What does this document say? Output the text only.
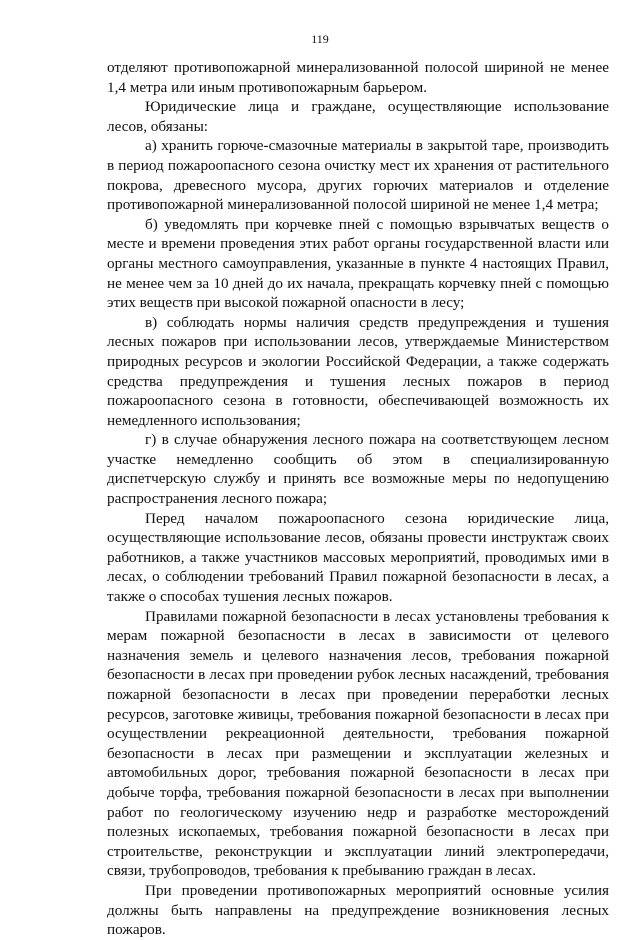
119

отделяют противопожарной минерализованной полосой шириной не менее 1,4 метра или иным противопожарным барьером.

Юридические лица и граждане, осуществляющие использование лесов, обязаны:

а) хранить горюче-смазочные материалы в закрытой таре, производить в период пожароопасного сезона очистку мест их хранения от растительного покрова, древесного мусора, других горючих материалов и отделение противопожарной минерализованной полосой шириной не менее 1,4 метра;

б) уведомлять при корчевке пней с помощью взрывчатых веществ о месте и времени проведения этих работ органы государственной власти или органы местного самоуправления, указанные в пункте 4 настоящих Правил, не менее чем за 10 дней до их начала, прекращать корчевку пней с помощью этих веществ при высокой пожарной опасности в лесу;

в) соблюдать нормы наличия средств предупреждения и тушения лесных пожаров при использовании лесов, утверждаемые Министерством природных ресурсов и экологии Российской Федерации, а также содержать средства предупреждения и тушения лесных пожаров в период пожароопасного сезона в готовности, обеспечивающей возможность их немедленного использования;

г) в случае обнаружения лесного пожара на соответствующем лесном участке немедленно сообщить об этом в специализированную диспетчерскую службу и принять все возможные меры по недопущению распространения лесного пожара;

Перед началом пожароопасного сезона юридические лица, осуществляющие использование лесов, обязаны провести инструктаж своих работников, а также участников массовых мероприятий, проводимых ими в лесах, о соблюдении требований Правил пожарной безопасности в лесах, а также о способах тушения лесных пожаров.

Правилами пожарной безопасности в лесах установлены требования к мерам пожарной безопасности в лесах в зависимости от целевого назначения земель и целевого назначения лесов, требования пожарной безопасности в лесах при проведении рубок лесных насаждений, требования пожарной безопасности в лесах при проведении переработки лесных ресурсов, заготовке живицы, требования пожарной безопасности в лесах при осуществлении рекреационной деятельности, требования пожарной безопасности в лесах при размещении и эксплуатации железных и автомобильных дорог, требования пожарной безопасности в лесах при добыче торфа, требования пожарной безопасности в лесах при выполнении работ по геологическому изучению недр и разработке месторождений полезных ископаемых, требования пожарной безопасности в лесах при строительстве, реконструкции и эксплуатации линий электропередачи, связи, трубопроводов, требования к пребыванию граждан в лесах.

При проведении противопожарных мероприятий основные усилия должны быть направлены на предупреждение возникновения лесных пожаров.
